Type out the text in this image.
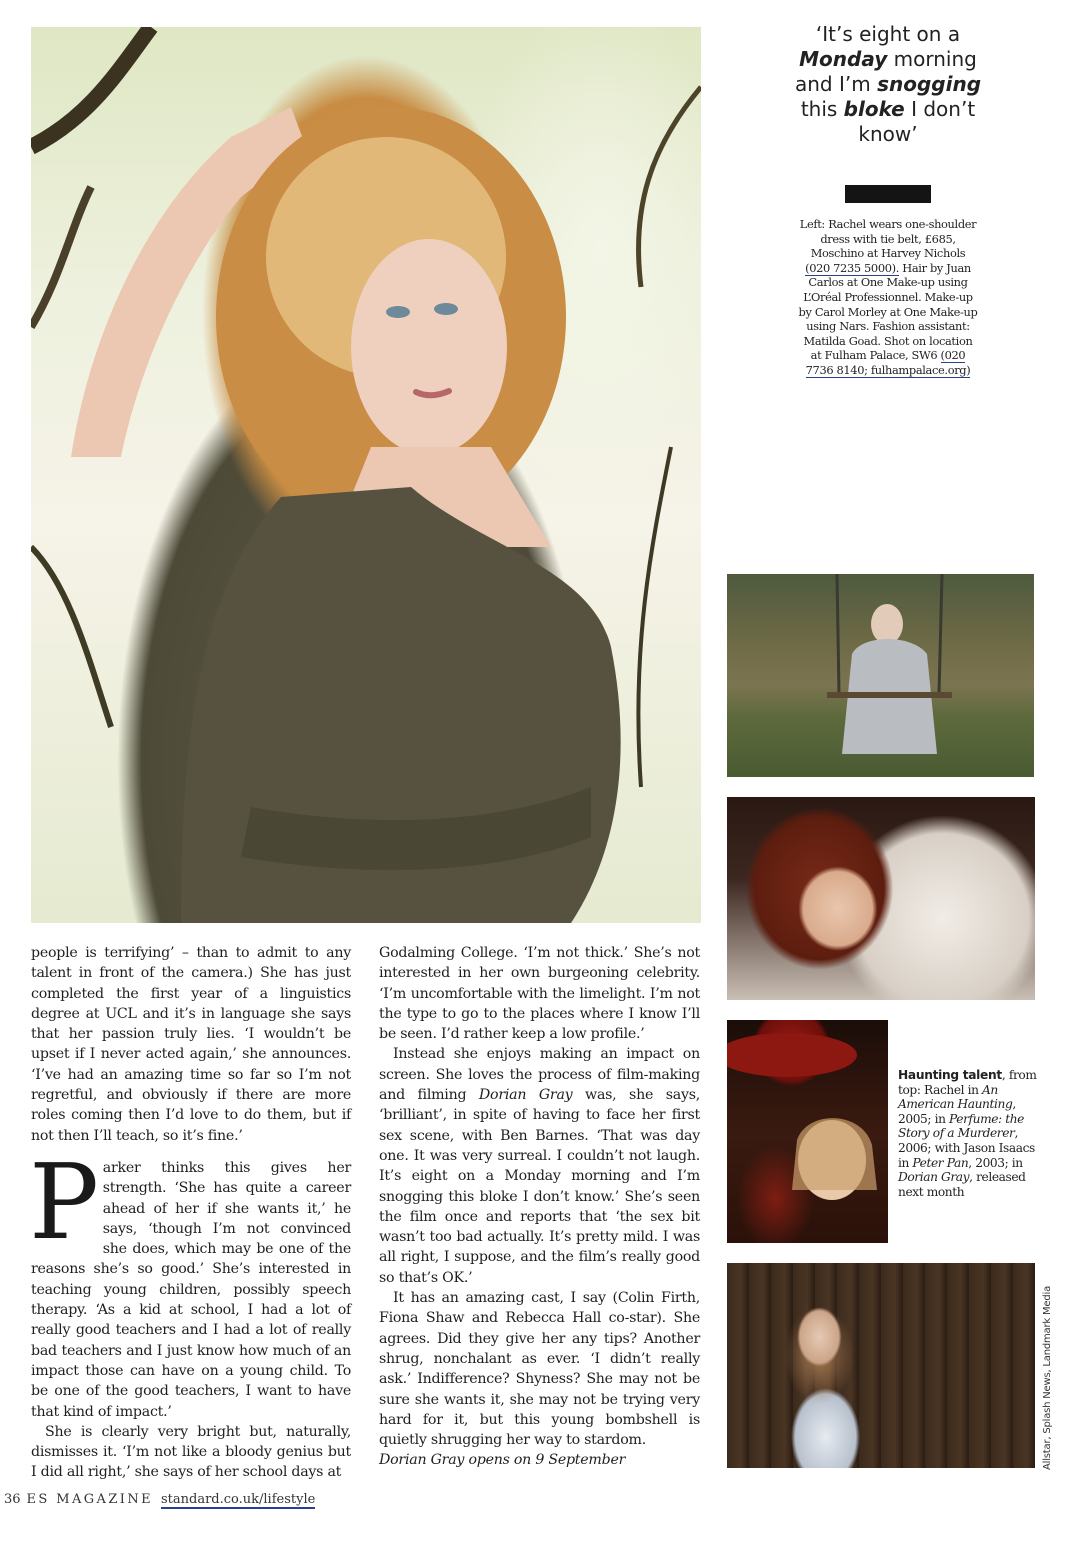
‘It’s eight on a Monday morning and I’m snogging this bloke I don’t know’
Left: Rachel wears one-shoulder dress with tie belt, £685, Moschino at Harvey Nichols (020 7235 5000). Hair by Juan Carlos at One Make-up using L’Oréal Professionnel. Make-up by Carol Morley at One Make-up using Nars. Fashion assistant: Matilda Goad. Shot on location at Fulham Palace, SW6 (020 7736 8140; fulhampalace.org)
Haunting talent, from top: Rachel in An American Haunting, 2005; in Perfume: the Story of a Murderer, 2006; with Jason Isaacs in Peter Pan, 2003; in Dorian Gray, released next month
Allstar, Splash News, Landmark Media

people is terrifying’ – than to admit to any talent in front of the camera.) She has just completed the first year of a linguistics degree at UCL and it’s in language she says that her passion truly lies. ‘I wouldn’t be upset if I never acted again,’ she announces. ‘I’ve had an amazing time so far so I’m not regretful, and obviously if there are more roles coming then I’d love to do them, but if not then I’ll teach, so it’s fine.’

Parker thinks this gives her strength. ‘She has quite a career ahead of her if she wants it,’ he says, ‘though I’m not convinced she does, which may be one of the reasons she’s so good.’ She’s interested in teaching young children, possibly speech therapy. ‘As a kid at school, I had a lot of really good teachers and I had a lot of really bad teachers and I just know how much of an impact those can have on a young child. To be one of the good teachers, I want to have that kind of impact.’

She is clearly very bright but, naturally, dismisses it. ‘I’m not like a bloody genius but I did all right,’ she says of her school days at

Godalming College. ‘I’m not thick.’ She’s not interested in her own burgeoning celebrity. ‘I’m uncomfortable with the limelight. I’m not the type to go to the places where I know I’ll be seen. I’d rather keep a low profile.’

Instead she enjoys making an impact on screen. She loves the process of film-making and filming Dorian Gray was, she says, ‘brilliant’, in spite of having to face her first sex scene, with Ben Barnes. ‘That was day one. It was very surreal. I couldn’t not laugh. It’s eight on a Monday morning and I’m snogging this bloke I don’t know.’ She’s seen the film once and reports that ‘the sex bit wasn’t too bad actually. It’s pretty mild. I was all right, I suppose, and the film’s really good so that’s OK.’

It has an amazing cast, I say (Colin Firth, Fiona Shaw and Rebecca Hall co-star). She agrees. Did they give her any tips? Another shrug, nonchalant as ever. ‘I didn’t really ask.’ Indifference? Shyness? She may not be sure she wants it, she may not be trying very hard for it, but this young bombshell is quietly shrugging her way to stardom.

Dorian Gray opens on 9 September

36 ES MAGAZINE standard.co.uk/lifestyle
